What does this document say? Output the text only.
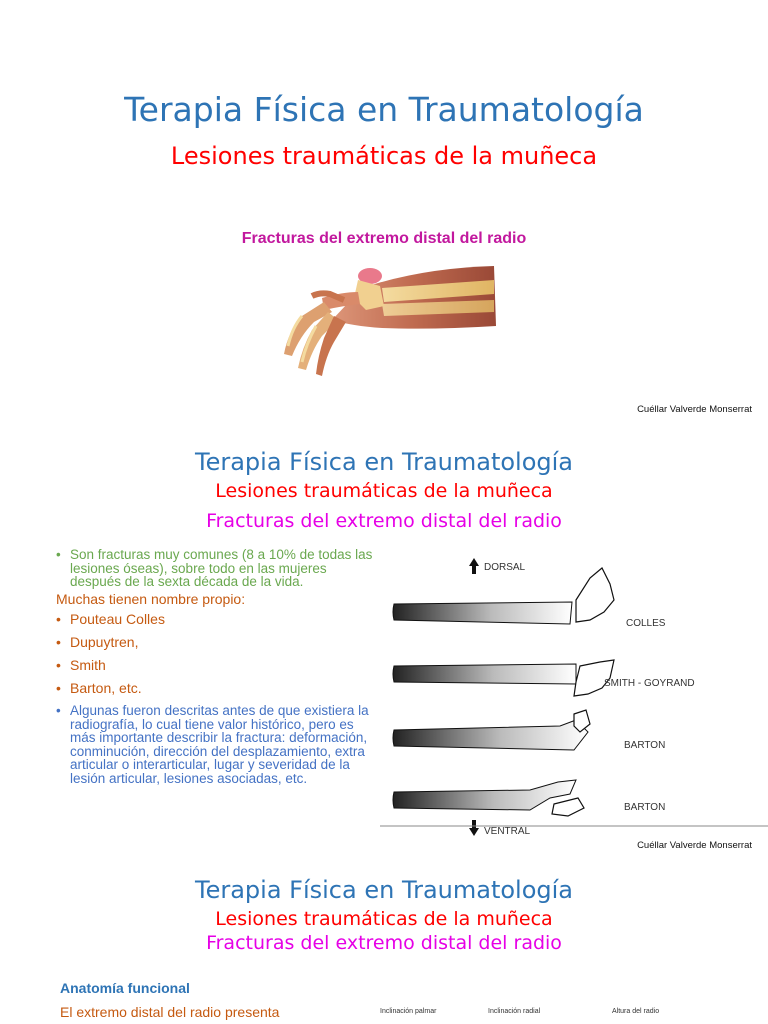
Terapia Física en Traumatología
Lesiones traumáticas de la muñeca
Fracturas del extremo distal del radio
Cuéllar Valverde Monserrat
Terapia Física en Traumatología
Lesiones traumáticas de la muñeca
Fracturas del extremo distal del radio
• Son fracturas muy comunes (8 a 10% de todas las lesiones óseas), sobre todo en las mujeres después de la sexta década de la vida.
Muchas tienen nombre propio:
• Pouteau Colles
• Dupuytren,
• Smith
• Barton, etc.
• Algunas fueron descritas antes de que existiera la radiografía, lo cual tiene valor histórico, pero es más importante describir la fractura: deformación, conminución, dirección del desplazamiento, extra articular o interarticular, lugar y severidad de la lesión articular, lesiones asociadas, etc.
DORSAL
COLLES
SMITH - GOYRAND
BARTON
BARTON
VENTRAL
Cuéllar Valverde Monserrat
Terapia Física en Traumatología
Lesiones traumáticas de la muñeca
Fracturas del extremo distal del radio
Anatomía funcional
El extremo distal del radio presenta	Inclinación palmar	Inclinación radial	Altura del radio
